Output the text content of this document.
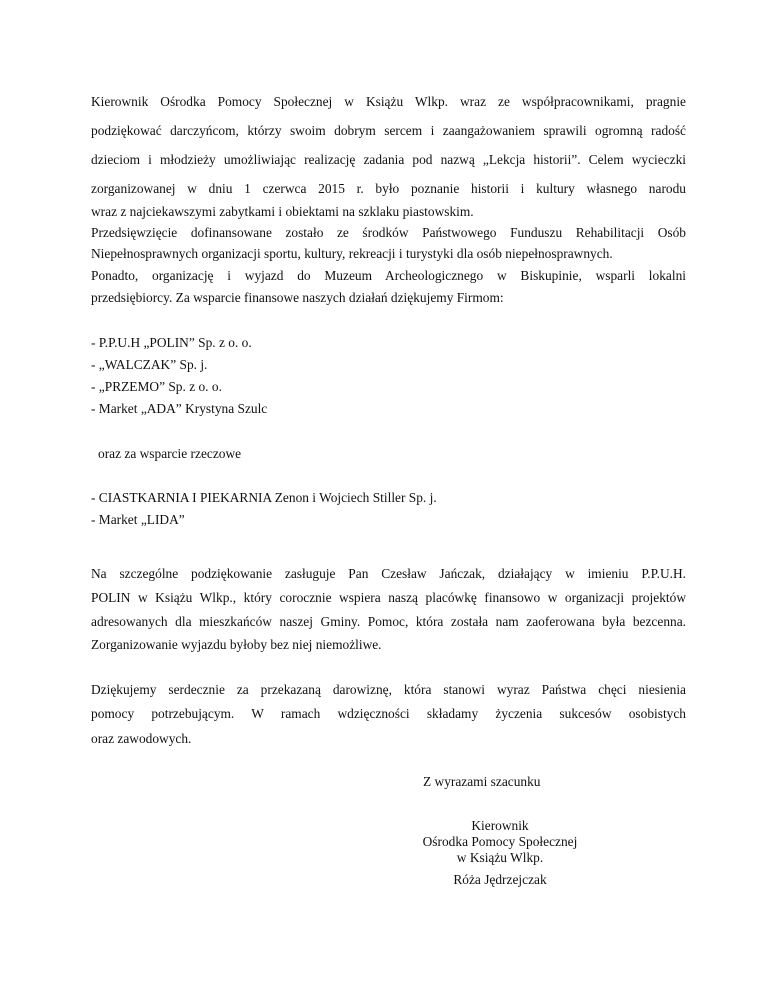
Kierownik Ośrodka Pomocy Społecznej w Książu Wlkp. wraz ze współpracownikami, pragnie
podziękować darczyńcom, którzy swoim dobrym sercem i zaangażowaniem sprawili ogromną radość
dzieciom i młodzieży umożliwiając realizację zadania pod nazwą „Lekcja historii”. Celem wycieczki
zorganizowanej w dniu 1 czerwca 2015 r. było poznanie historii i kultury własnego narodu
wraz z najciekawszymi zabytkami i obiektami na szklaku piastowskim.
Przedsięwzięcie dofinansowane zostało ze środków Państwowego Funduszu Rehabilitacji Osób
Niepełnosprawnych organizacji sportu, kultury, rekreacji i turystyki dla osób niepełnosprawnych.
Ponadto, organizację i wyjazd do Muzeum Archeologicznego w Biskupinie, wsparli lokalni
przedsiębiorcy. Za wsparcie finansowe naszych działań dziękujemy Firmom:
- P.P.U.H „POLIN” Sp. z o. o.
- „WALCZAK” Sp. j.
- „PRZEMO” Sp. z o. o.
- Market „ADA” Krystyna Szulc
oraz za wsparcie rzeczowe
- CIASTKARNIA I PIEKARNIA Zenon i Wojciech Stiller Sp. j.
- Market „LIDA”
Na szczególne podziękowanie zasługuje Pan Czesław Jańczak, działający w imieniu P.P.U.H.
POLIN w Książu Wlkp., który corocznie wspiera naszą placówkę finansowo w organizacji projektów
adresowanych dla mieszkańców naszej Gminy. Pomoc, która została nam zaoferowana była bezcenna.
Zorganizowanie wyjazdu byłoby bez niej niemożliwe.
Dziękujemy serdecznie za przekazaną darowiznę, która stanowi wyraz Państwa chęci niesienia
pomocy potrzebującym. W ramach wdzięczności składamy życzenia sukcesów osobistych
oraz zawodowych.
Z wyrazami szacunku
Kierownik
Ośrodka Pomocy Społecznej
w Książu Wlkp.
Róża Jędrzejczak
